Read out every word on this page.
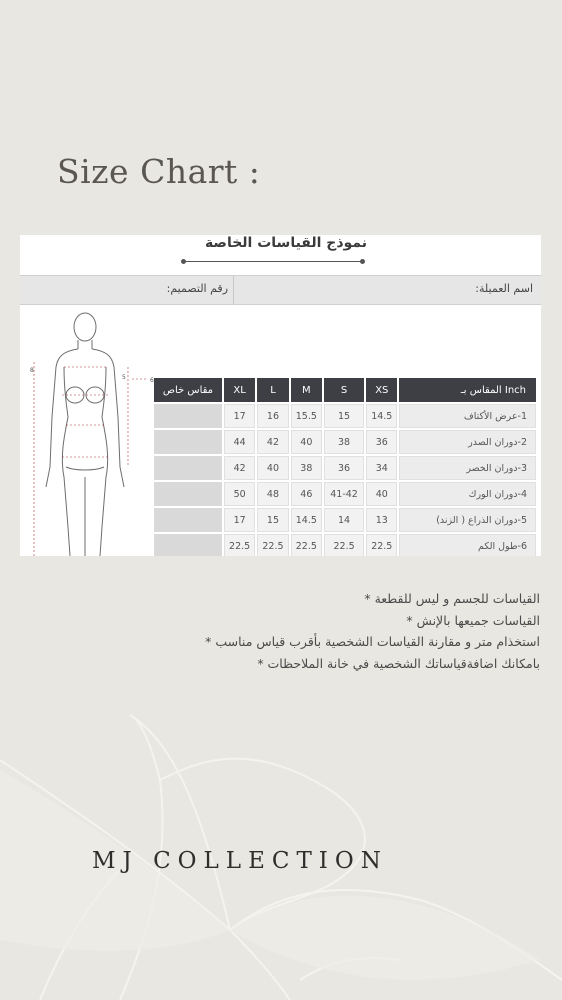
Size Chart :
نموذج القياسات الخاصة
رقم التصميم:	اسم العميلة:
8
5	6
مقاس خاص	XL	L	M	S	XS	المقاس بـ Inch
	17	16	15.5	15	14.5	1-عرض الأكتاف
	44	42	40	38	36	2-دوران الصدر
	42	40	38	36	34	3-دوران الخصر
	50	48	46	41-42	40	4-دوران الورك
	17	15	14.5	14	13	5-دوران الذراع ( الزند)
	22.5	22.5	22.5	22.5	22.5	6-طول الكم
القياسات للجسم و ليس للقطعة *
القياسات جميعها بالإنش *
استخذام متر و مقارنة القياسات الشخصية بأقرب قياس مناسب *
بامكانك اضافةقياساتك الشخصية في خانة الملاحظات *
MJ COLLECTION
